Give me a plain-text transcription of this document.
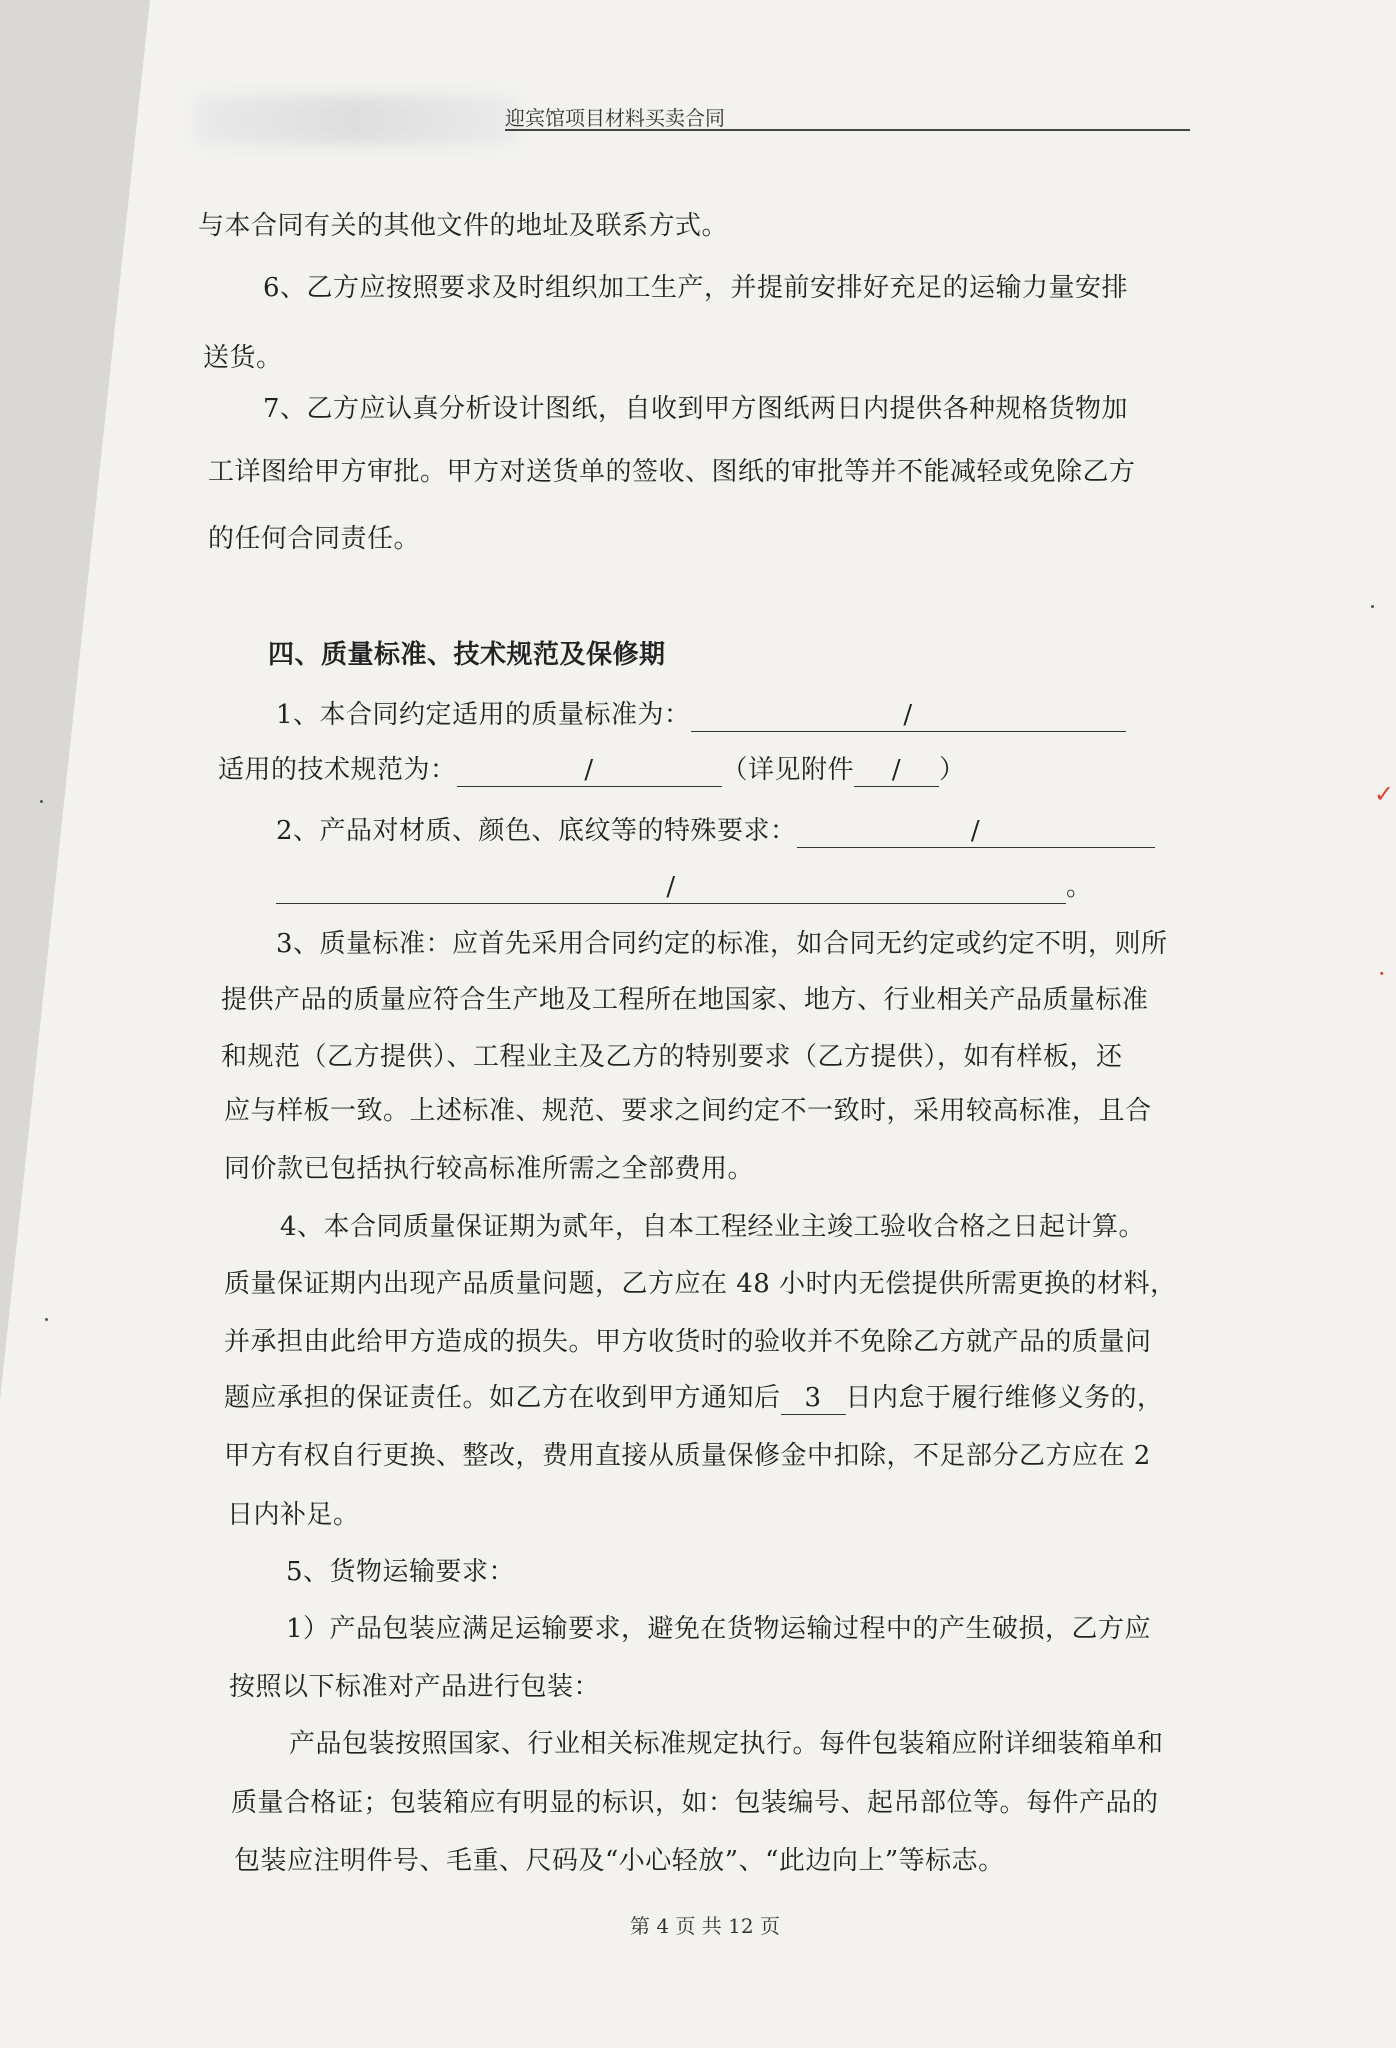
迎宾馆项目材料买卖合同
与本合同有关的其他文件的地址及联系方式。
6、乙方应按照要求及时组织加工生产，并提前安排好充足的运输力量安排
送货。
7、乙方应认真分析设计图纸，自收到甲方图纸两日内提供各种规格货物加
工详图给甲方审批。甲方对送货单的签收、图纸的审批等并不能减轻或免除乙方
的任何合同责任。
四、质量标准、技术规范及保修期
1、本合同约定适用的质量标准为：	/
适用的技术规范为：	/	（详见附件 / ）
2、产品对材质、颜色、底纹等的特殊要求：	/
/	。
3、质量标准：应首先采用合同约定的标准，如合同无约定或约定不明，则所
提供产品的质量应符合生产地及工程所在地国家、地方、行业相关产品质量标准
和规范（乙方提供）、工程业主及乙方的特别要求（乙方提供），如有样板，还
应与样板一致。上述标准、规范、要求之间约定不一致时，采用较高标准，且合
同价款已包括执行较高标准所需之全部费用。
4、本合同质量保证期为贰年，自本工程经业主竣工验收合格之日起计算。
质量保证期内出现产品质量问题，乙方应在 48 小时内无偿提供所需更换的材料，
并承担由此给甲方造成的损失。甲方收货时的验收并不免除乙方就产品的质量问
题应承担的保证责任。如乙方在收到甲方通知后 3 日内怠于履行维修义务的，
甲方有权自行更换、整改，费用直接从质量保修金中扣除，不足部分乙方应在 2
日内补足。
5、货物运输要求：
1）产品包装应满足运输要求，避免在货物运输过程中的产生破损，乙方应
按照以下标准对产品进行包装：
产品包装按照国家、行业相关标准规定执行。每件包装箱应附详细装箱单和
质量合格证；包装箱应有明显的标识，如：包装编号、起吊部位等。每件产品的
包装应注明件号、毛重、尺码及“小心轻放”、“此边向上”等标志。
第 4 页 共 12 页
✓
·
